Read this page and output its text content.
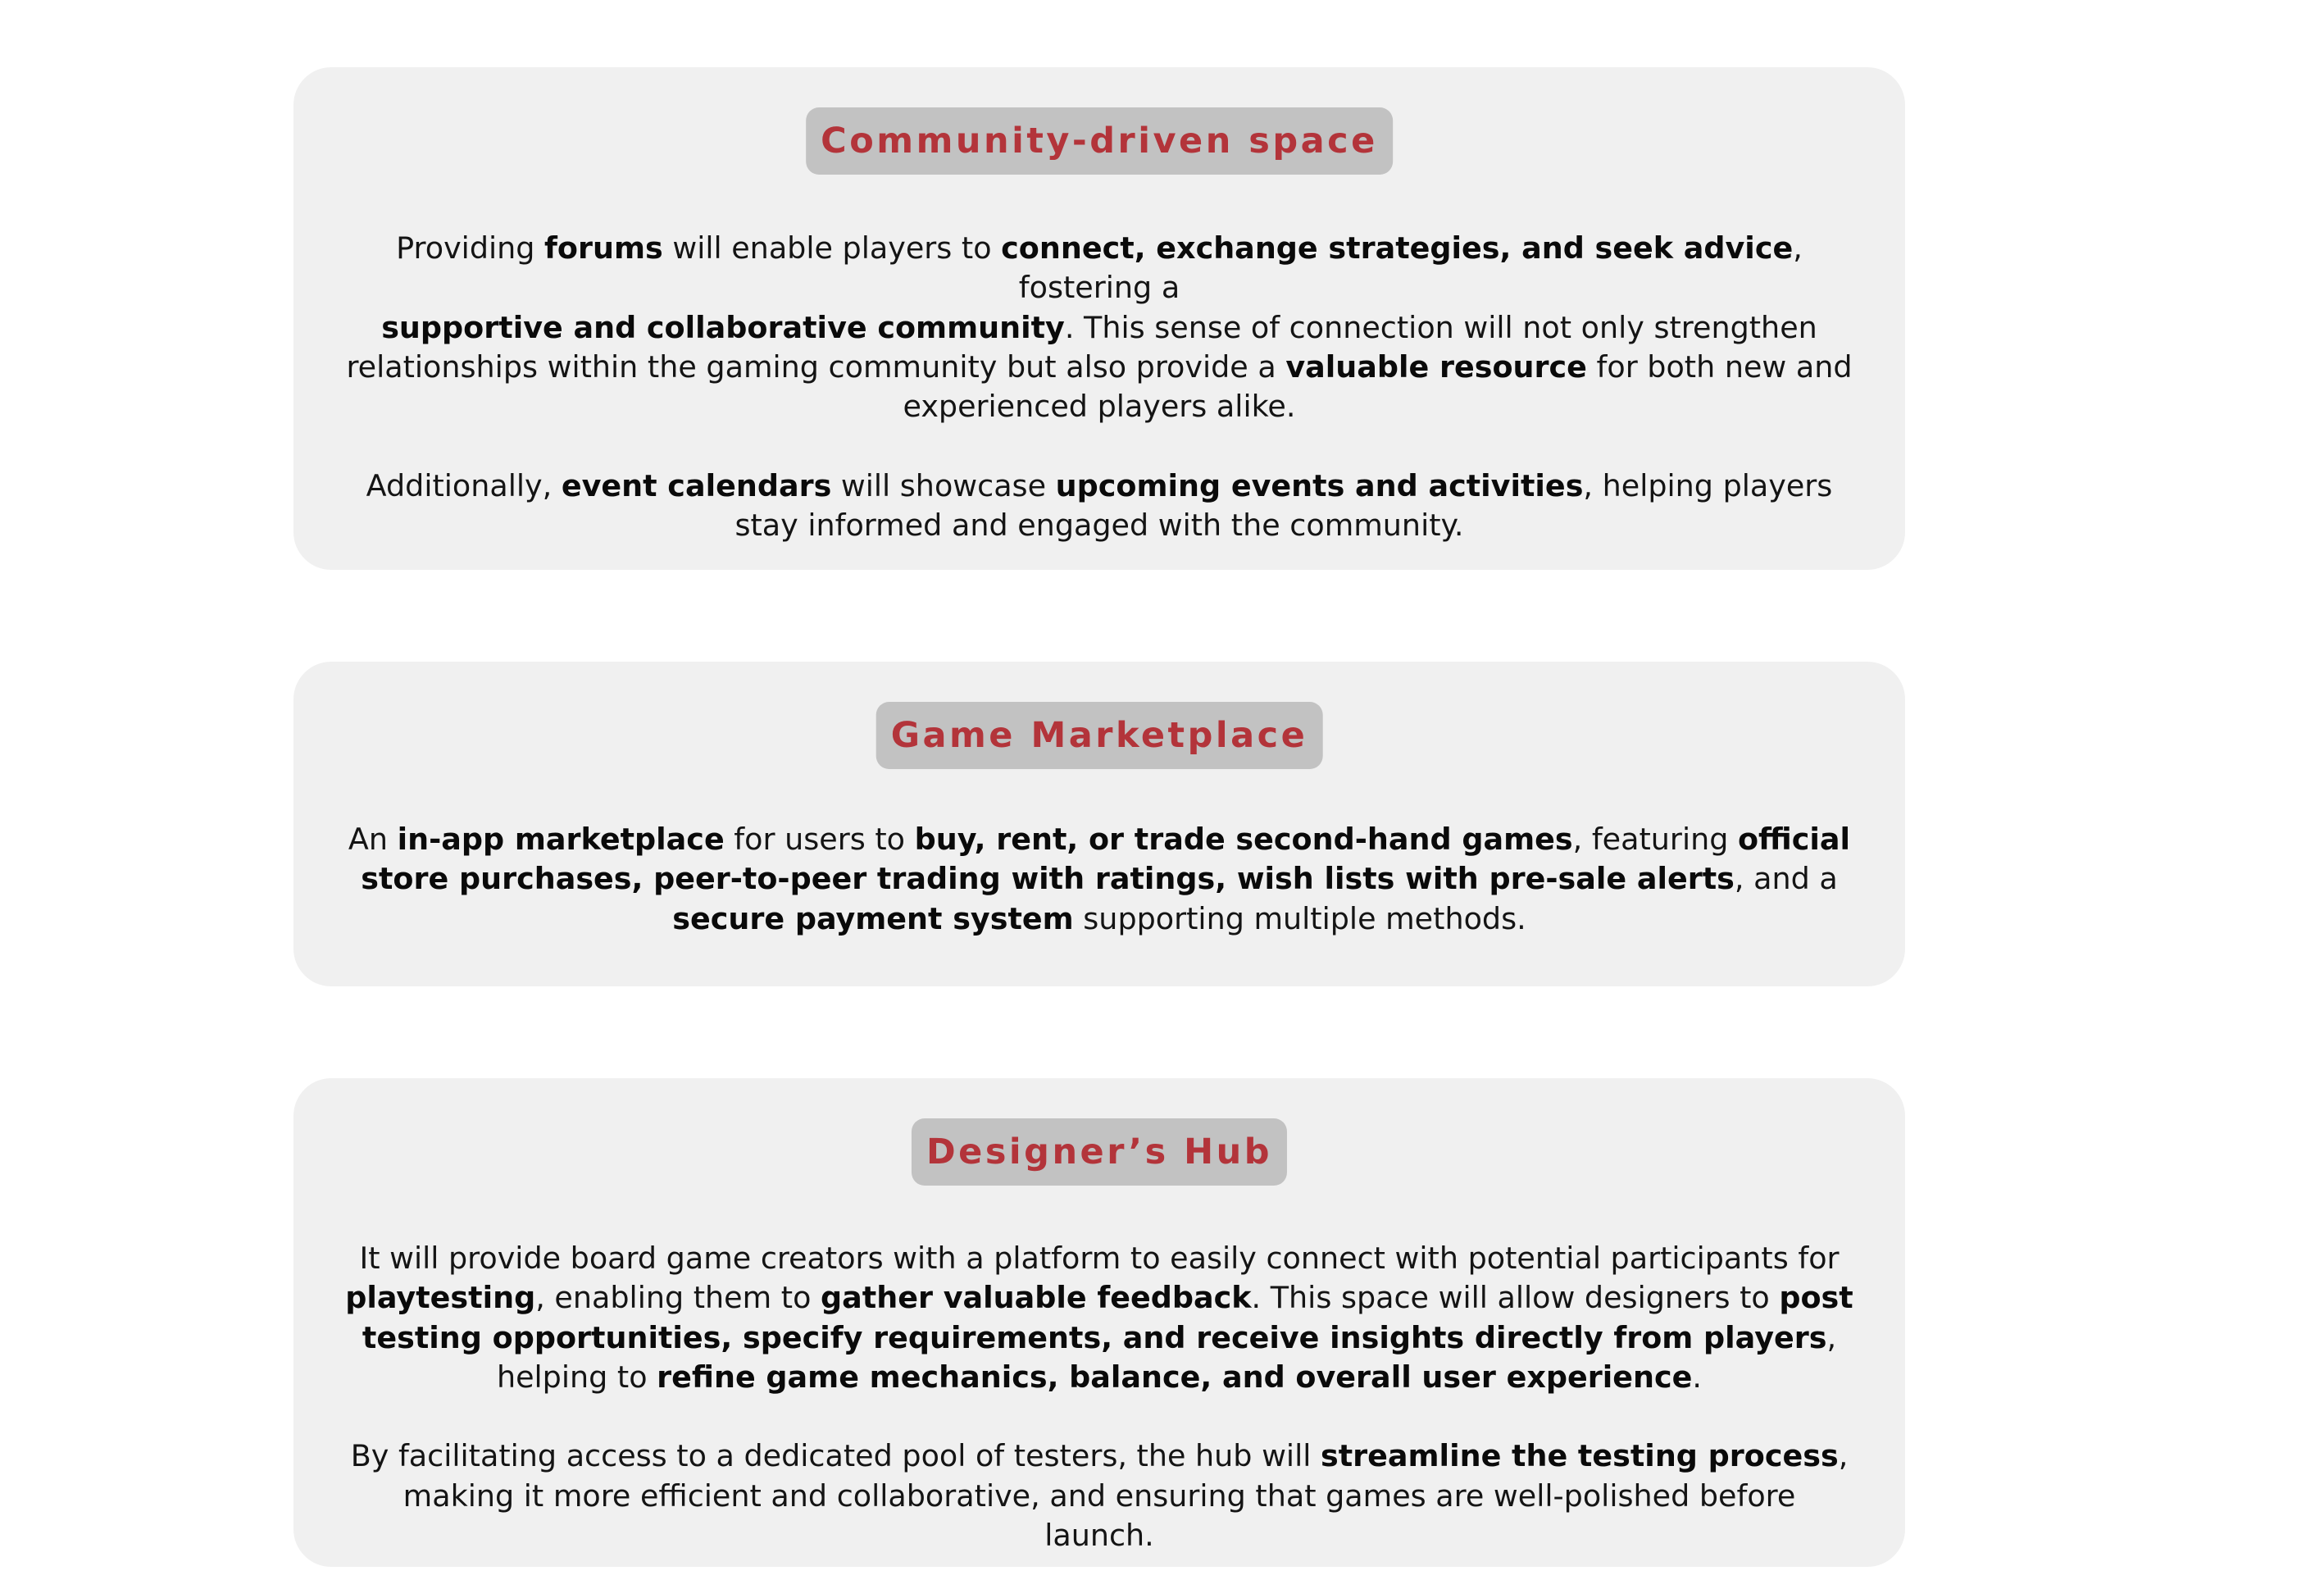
Community-driven space

Providing forums will enable players to connect, exchange strategies, and seek advice, fostering a
supportive and collaborative community. This sense of connection will not only strengthen relationships within the gaming community but also provide a valuable resource for both new and experienced players alike.

Additionally, event calendars will showcase upcoming events and activities, helping players stay informed and engaged with the community.

Game Marketplace

An in-app marketplace for users to buy, rent, or trade second-hand games, featuring official store purchases, peer-to-peer trading with ratings, wish lists with pre-sale alerts, and a secure payment system supporting multiple methods.

Designer’s Hub

It will provide board game creators with a platform to easily connect with potential participants for
playtesting, enabling them to gather valuable feedback. This space will allow designers to post testing opportunities, specify requirements, and receive insights directly from players, helping to refine game mechanics, balance, and overall user experience.

By facilitating access to a dedicated pool of testers, the hub will streamline the testing process, making it more efficient and collaborative, and ensuring that games are well-polished before launch.
